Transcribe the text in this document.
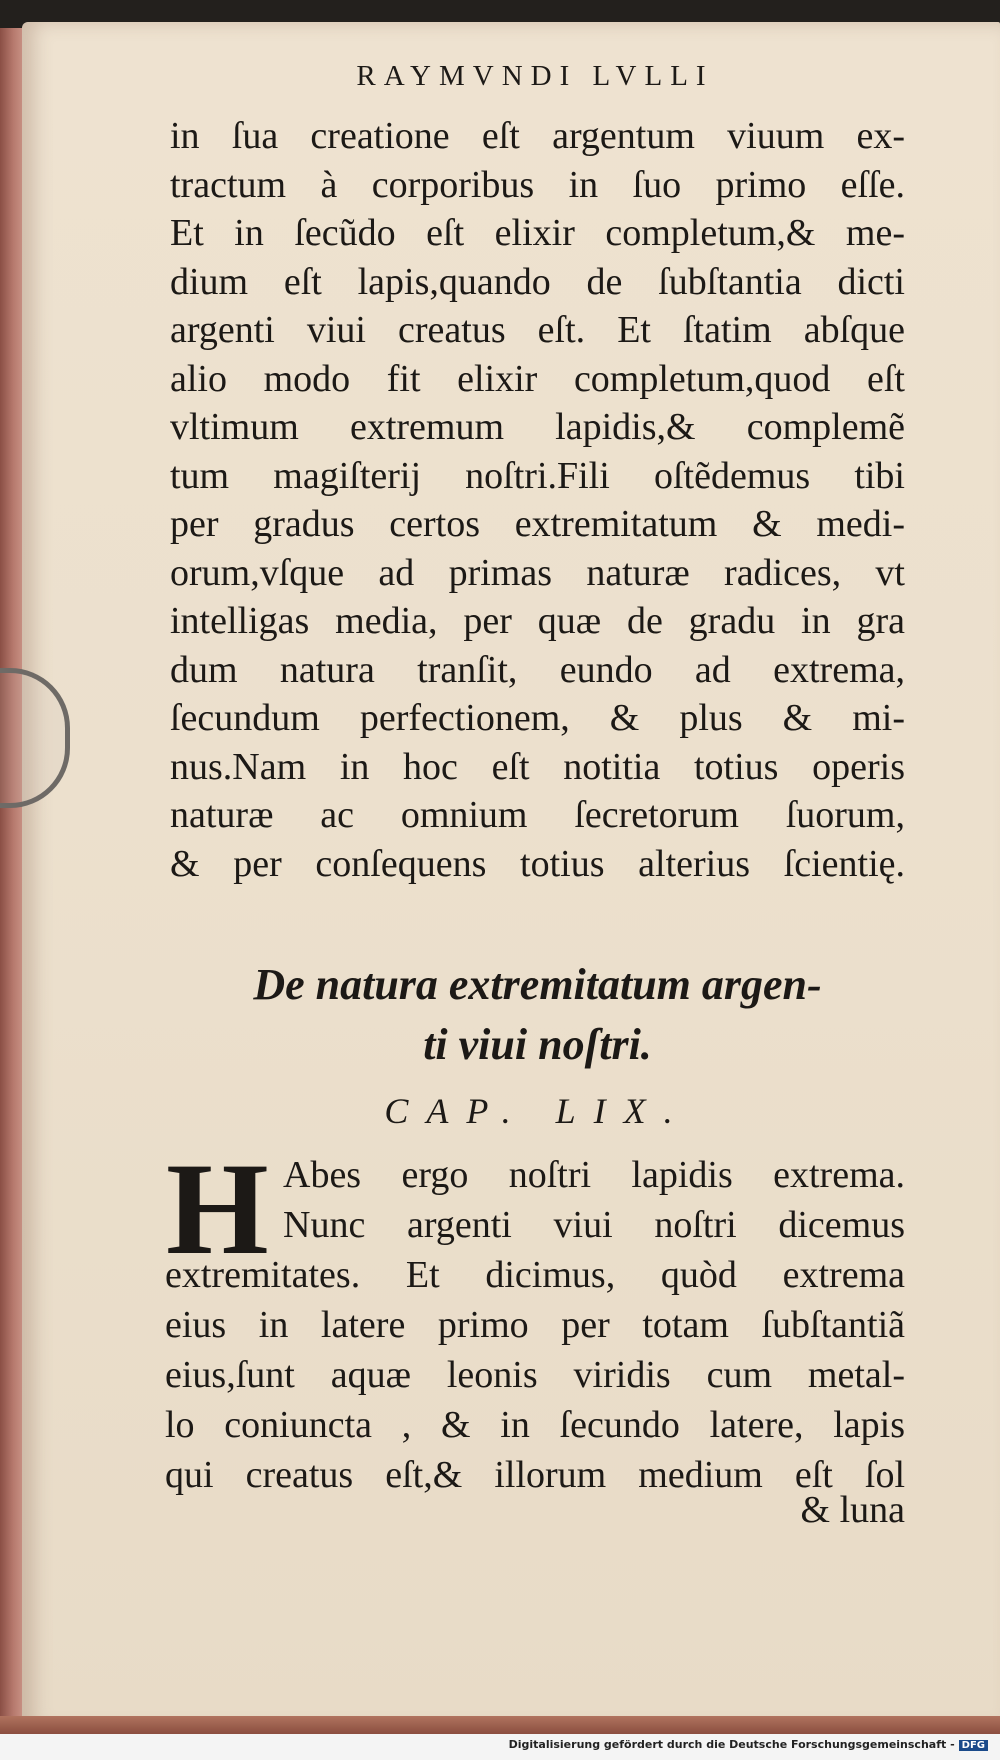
RAYMVNDI LVLLI

in ſua creatione eſt argentum viuum ex-
tractum à corporibus in ſuo primo eſſe.
Et in ſecũdo eſt elixir completum,& me-
dium eſt lapis,quando de ſubſtantia dicti
argenti viui creatus eſt. Et ſtatim abſque
alio modo fit elixir completum,quod eſt
vltimum extremum lapidis,& complemẽ
tum magiſterij noſtri.Fili oſtẽdemus tibi
per gradus certos extremitatum & medi-
orum,vſque ad primas naturæ radices, vt
intelligas media, per quæ de gradu in gra
dum natura tranſit, eundo ad extrema,
ſecundum perfectionem, & plus & mi-
nus.Nam in hoc eſt notitia totius operis
naturæ ac omnium ſecretorum ſuorum,
& per conſequens totius alterius ſcientię.
De natura extremitatum argen-
ti viui noſtri.

CAP. LIX.

H Abes ergo noſtri lapidis extrema.
Nunc argenti viui noſtri dicemus
extremitates. Et dicimus, quòd extrema
eius in latere primo per totam ſubſtantiã
eius,ſunt aquæ leonis viridis cum metal-
lo coniuncta , & in ſecundo latere, lapis
qui creatus eſt,& illorum medium eſt ſol

& luna

Digitalisierung gefördert durch die Deutsche Forschungsgemeinschaft - DFG
